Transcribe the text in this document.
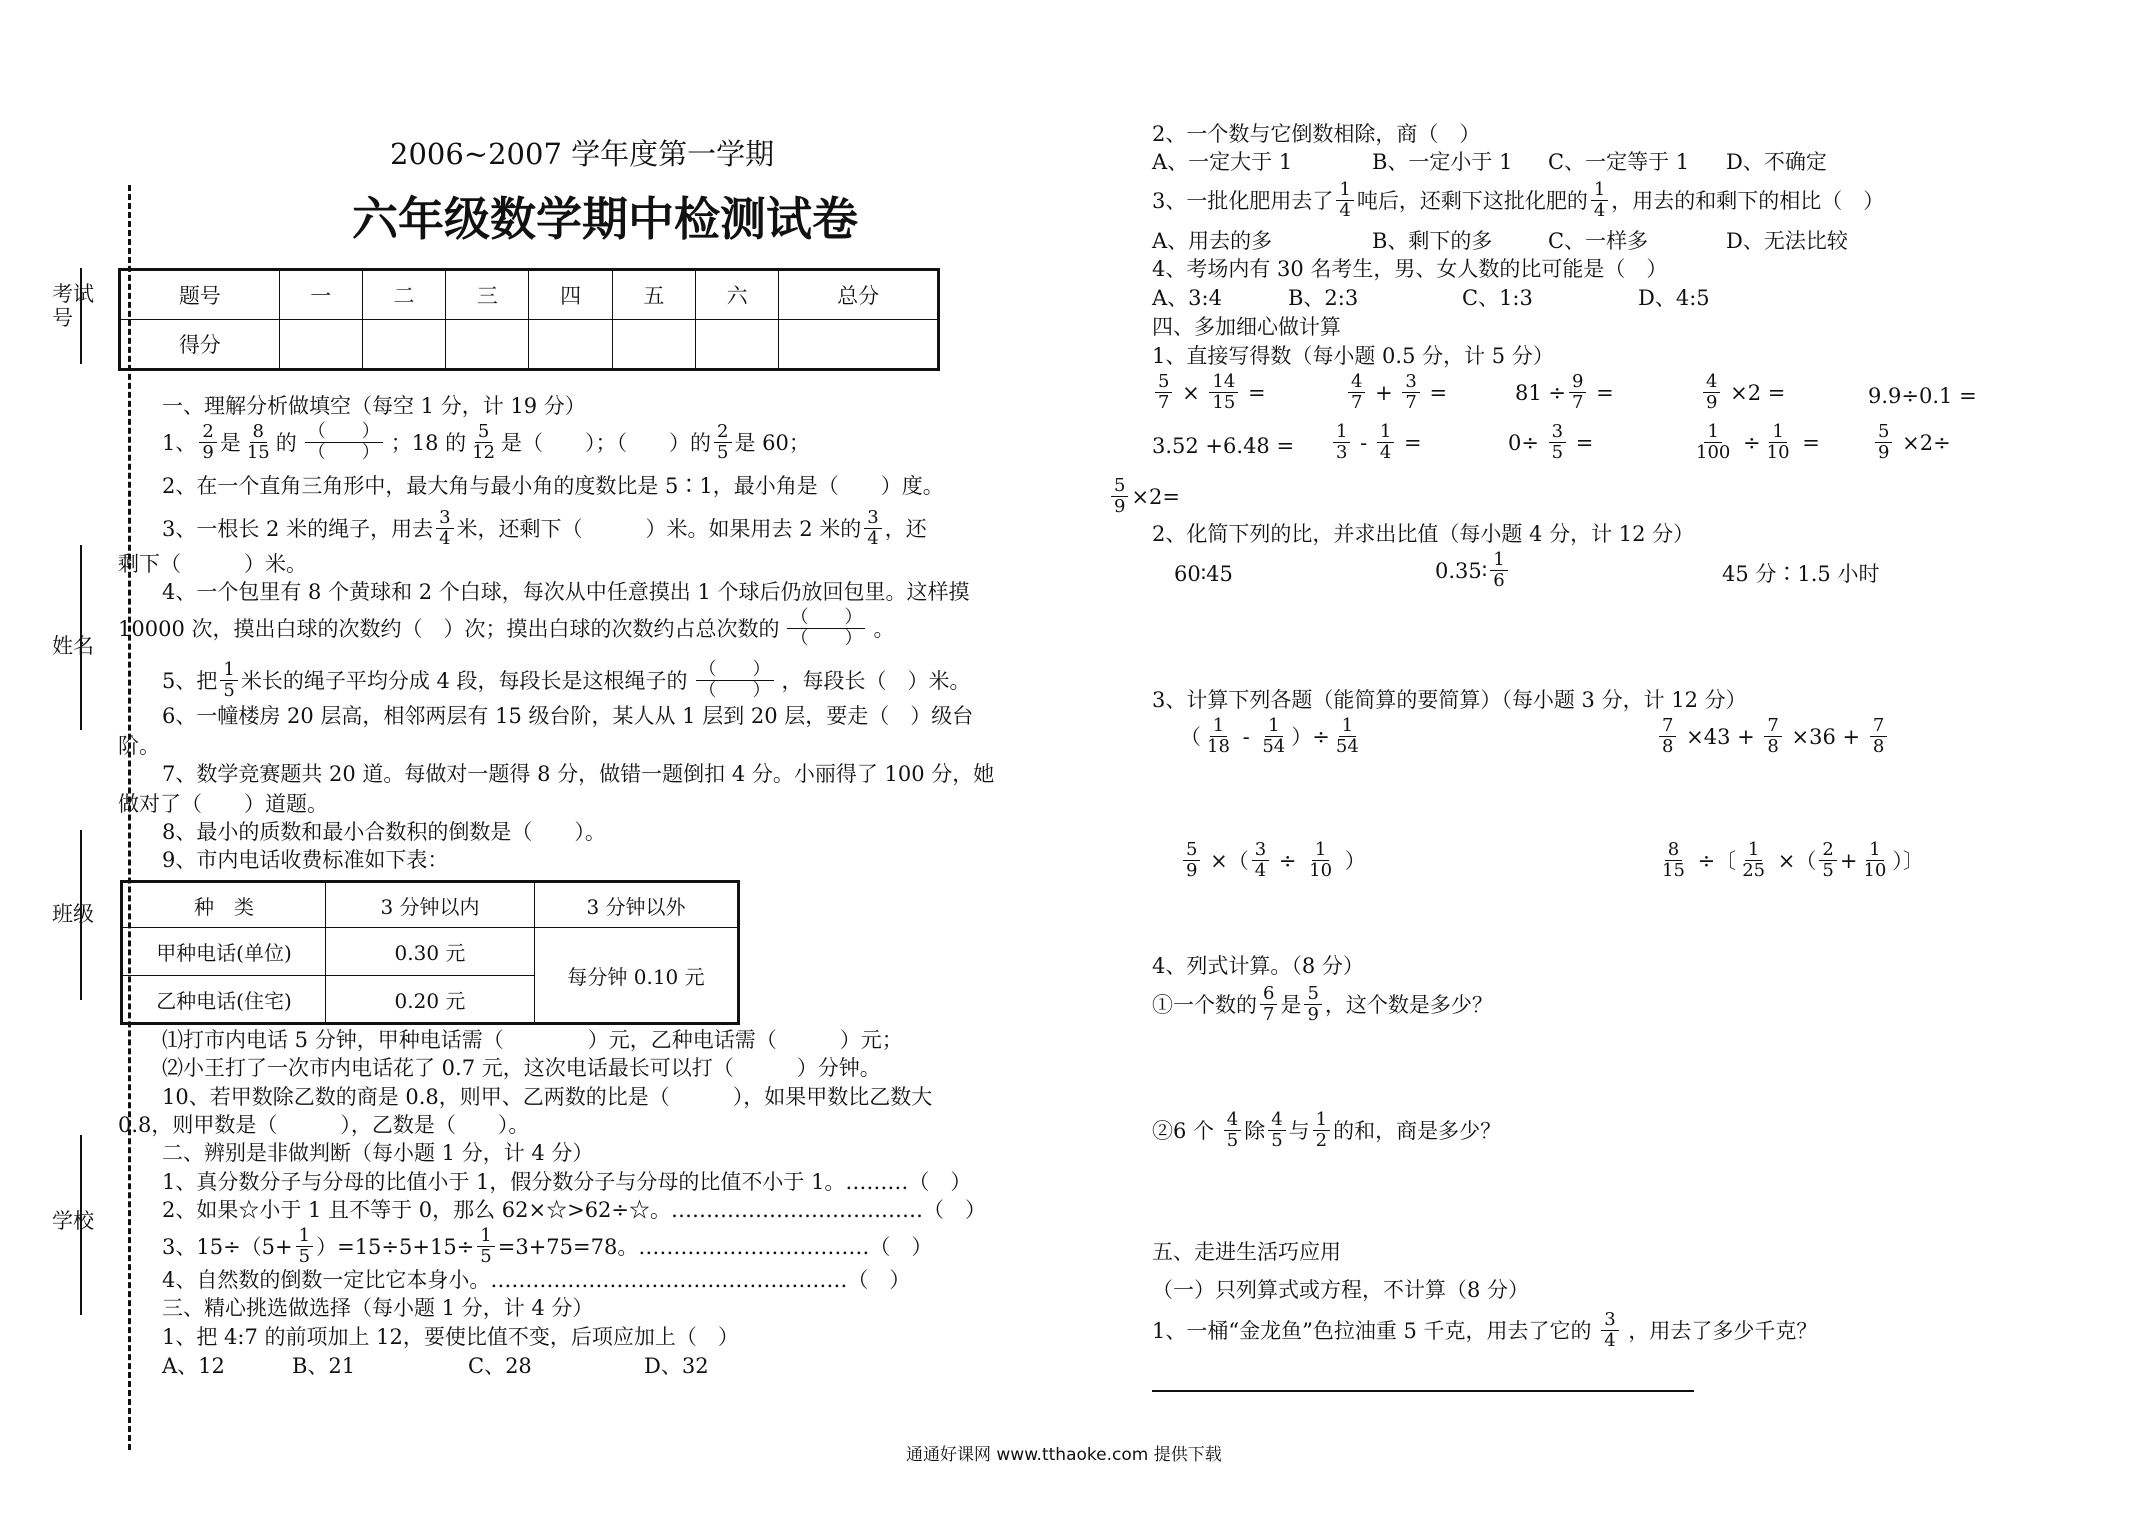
考试号
姓名
班级
学校
2006~2007 学年度第一学期
六年级数学期中检测试卷
题号	一	二	三	四	五	六	总分
得分							
一、理解分析做填空（每空 1 分，计 19 分）
1、 $\frac{2}{9}$ 是 $\frac{8}{15}$ 的 $\frac{( )}{( )}$ ；18 的 $\frac{5}{12}$ 是（　　）；（　　）的 $\frac{2}{5}$ 是 60；
2、在一个直角三角形中，最大角与最小角的度数比是 5∶1，最小角是（　　）度。
3、一根长 2 米的绳子，用去 $\frac{3}{4}$ 米，还剩下（　　　）米。如果用去 2 米的 $\frac{3}{4}$ ，还
剩下（　　　）米。
4、一个包里有 8 个黄球和 2 个白球，每次从中任意摸出 1 个球后仍放回包里。这样摸
10000 次，摸出白球的次数约（　）次；摸出白球的次数约占总次数的 $\frac{( )}{( )}$ 。
5、把 $\frac{1}{5}$ 米长的绳子平均分成 4 段，每段长是这根绳子的 $\frac{( )}{( )}$ ，每段长（　）米。
6、一幢楼房 20 层高，相邻两层有 15 级台阶，某人从 1 层到 20 层，要走（　）级台
阶。
7、数学竞赛题共 20 道。每做对一题得 8 分，做错一题倒扣 4 分。小丽得了 100 分，她
做对了（　　）道题。
8、最小的质数和最小合数积的倒数是（　　）。
9、市内电话收费标准如下表：
种　类	3 分钟以内	3 分钟以外
甲种电话(单位)	0.30 元	每分钟 0.10 元
乙种电话(住宅)	0.20 元	
⑴打市内电话 5 分钟，甲种电话需（　　　　）元，乙种电话需（　　　）元；
⑵小王打了一次市内电话花了 0.7 元，这次电话最长可以打（　　　）分钟。
10、若甲数除乙数的商是 0.8，则甲、乙两数的比是（　　　），如果甲数比乙数大
0.8，则甲数是（　　　），乙数是（　　）。
二、辨别是非做判断（每小题 1 分，计 4 分）
1、真分数分子与分母的比值小于 1，假分数分子与分母的比值不小于 1。………（　）
2、如果☆小于 1 且不等于 0，那么 62×☆>62÷☆。………………………………（　）
3、$15\div(5+ \frac{1}{5} )=15\div 5+15\div \frac{1}{5} =3+75=78$。……………………………（　）
4、自然数的倒数一定比它本身小。……………………………………………（　）
三、精心挑选做选择（每小题 1 分，计 4 分）
1、把 4:7 的前项加上 12，要使比值不变，后项应加上（　）
A、12	B、21	C、28	D、32
2、一个数与它倒数相除，商（　）
A、一定大于 1	B、一定小于 1 C、一定等于 1 D、不确定
3、一批化肥用去了 $\frac{1}{4}$ 吨后，还剩下这批化肥的 $\frac{1}{4}$ ，用去的和剩下的相比（　）
A、用去的多	B、剩下的多	C、一样多	D、无法比较
4、考场内有 30 名考生，男、女人数的比可能是（　）
A、3:4	B、2:3	C、1:3	D、4:5
四、多加细心做计算
1、直接写得数（每小题 0.5 分，计 5 分）
$\frac{5}{7} \times \frac{14}{15}$ =	$\frac{4}{7} + \frac{3}{7}$ =	$81 \div \frac{9}{7}$ =	$\frac{4}{9} \times 2$ =	9.9÷0.1 =
$3.52 +6.48 = \frac{1}{3} - \frac{1}{4}$ =	$0\div \frac{3}{5}$ =	$\frac{1}{100} \div \frac{1}{10}$ =	$\frac{5}{9} \times 2\div$
$\frac{5}{9} \times 2=$
2、化简下列的比，并求出比值（每小题 4 分，计 12 分）
60∶45	0.35∶ $\frac{1}{6}$	45 分∶1.5 小时
3、计算下列各题（能简算的要简算）（每小题 3 分，计 12 分）
（ $\frac{1}{18} - \frac{1}{54}$ ）÷ $\frac{1}{54}$	$\frac{7}{8} \times 43 + \frac{7}{8} \times 36 + \frac{7}{8}$
$\frac{5}{9}$ ×（ $\frac{3}{4} \div \frac{1}{10}$ ）	$\frac{8}{15}$ ÷〔 $\frac{1}{25}$ ×（ $\frac{2}{5} + \frac{1}{10}$ ）〕
4、列式计算。（8 分）
①一个数的 $\frac{6}{7}$ 是 $\frac{5}{9}$ ，这个数是多少？
②6 个
$\frac{4}{5}$ 除 $\frac{4}{5}$ 与 $\frac{1}{2}$ 的和，商是多少？
五、走进生活巧应用
（一）只列算式或方程，不计算（8 分）
1、一桶“金龙鱼”色拉油重 5 千克，用去了它的
$\frac{3}{4}$
，用去了多少千克？
通通好课网 www.tthaoke.com 提供下载
